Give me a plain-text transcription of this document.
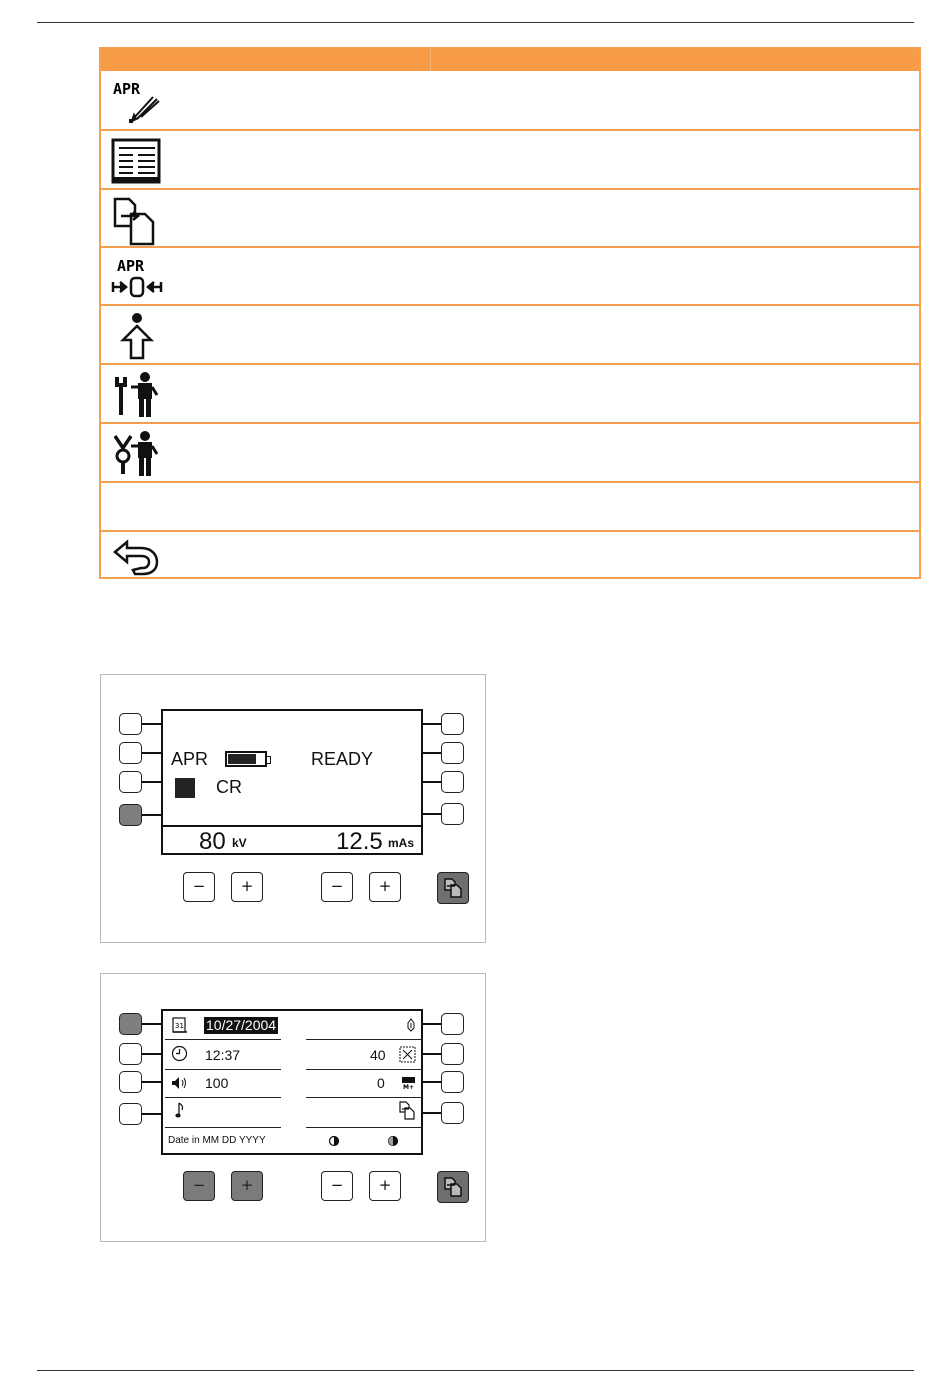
APR
APR
APR	READY
CR
80 kV	12.5 mAs
−	+	−	+
31 10/27/2004
12:37	40
100	0	M+
Date in MM DD YYYY
−	+	−	+
